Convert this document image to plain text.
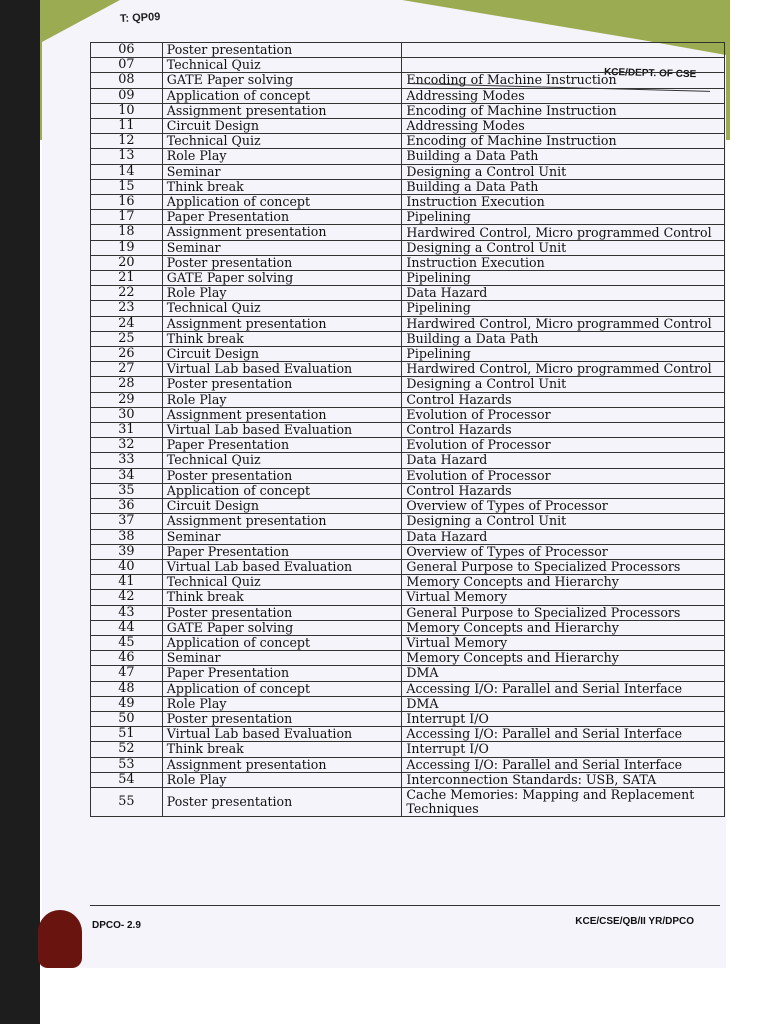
T: QP09
KCE/DEPT. OF CSE
06	Poster presentation	
07	Technical Quiz	
08	GATE Paper solving	Encoding of Machine Instruction
09	Application of concept	Addressing Modes
10	Assignment presentation	Encoding of Machine Instruction
11	Circuit Design	Addressing Modes
12	Technical Quiz	Encoding of Machine Instruction
13	Role Play	Building a Data Path
14	Seminar	Designing a Control Unit
15	Think break	Building a Data Path
16	Application of concept	Instruction Execution
17	Paper Presentation	Pipelining
18	Assignment presentation	Hardwired Control, Micro programmed Control
19	Seminar	Designing a Control Unit
20	Poster presentation	Instruction Execution
21	GATE Paper solving	Pipelining
22	Role Play	Data Hazard
23	Technical Quiz	Pipelining
24	Assignment presentation	Hardwired Control, Micro programmed Control
25	Think break	Building a Data Path
26	Circuit Design	Pipelining
27	Virtual Lab based Evaluation	Hardwired Control, Micro programmed Control
28	Poster presentation	Designing a Control Unit
29	Role Play	Control Hazards
30	Assignment presentation	Evolution of Processor
31	Virtual Lab based Evaluation	Control Hazards
32	Paper Presentation	Evolution of Processor
33	Technical Quiz	Data Hazard
34	Poster presentation	Evolution of Processor
35	Application of concept	Control Hazards
36	Circuit Design	Overview of Types of Processor
37	Assignment presentation	Designing a Control Unit
38	Seminar	Data Hazard
39	Paper Presentation	Overview of Types of Processor
40	Virtual Lab based Evaluation	General Purpose to Specialized Processors
41	Technical Quiz	Memory Concepts and Hierarchy
42	Think break	Virtual Memory
43	Poster presentation	General Purpose to Specialized Processors
44	GATE Paper solving	Memory Concepts and Hierarchy
45	Application of concept	Virtual Memory
46	Seminar	Memory Concepts and Hierarchy
47	Paper Presentation	DMA
48	Application of concept	Accessing I/O: Parallel and Serial Interface
49	Role Play	DMA
50	Poster presentation	Interrupt I/O
51	Virtual Lab based Evaluation	Accessing I/O: Parallel and Serial Interface
52	Think break	Interrupt I/O
53	Assignment presentation	Accessing I/O: Parallel and Serial Interface
54	Role Play	Interconnection Standards: USB, SATA
55	Poster presentation	Cache Memories: Mapping and Replacement Techniques
DPCO- 2.9	KCE/CSE/QB/II YR/DPCO
